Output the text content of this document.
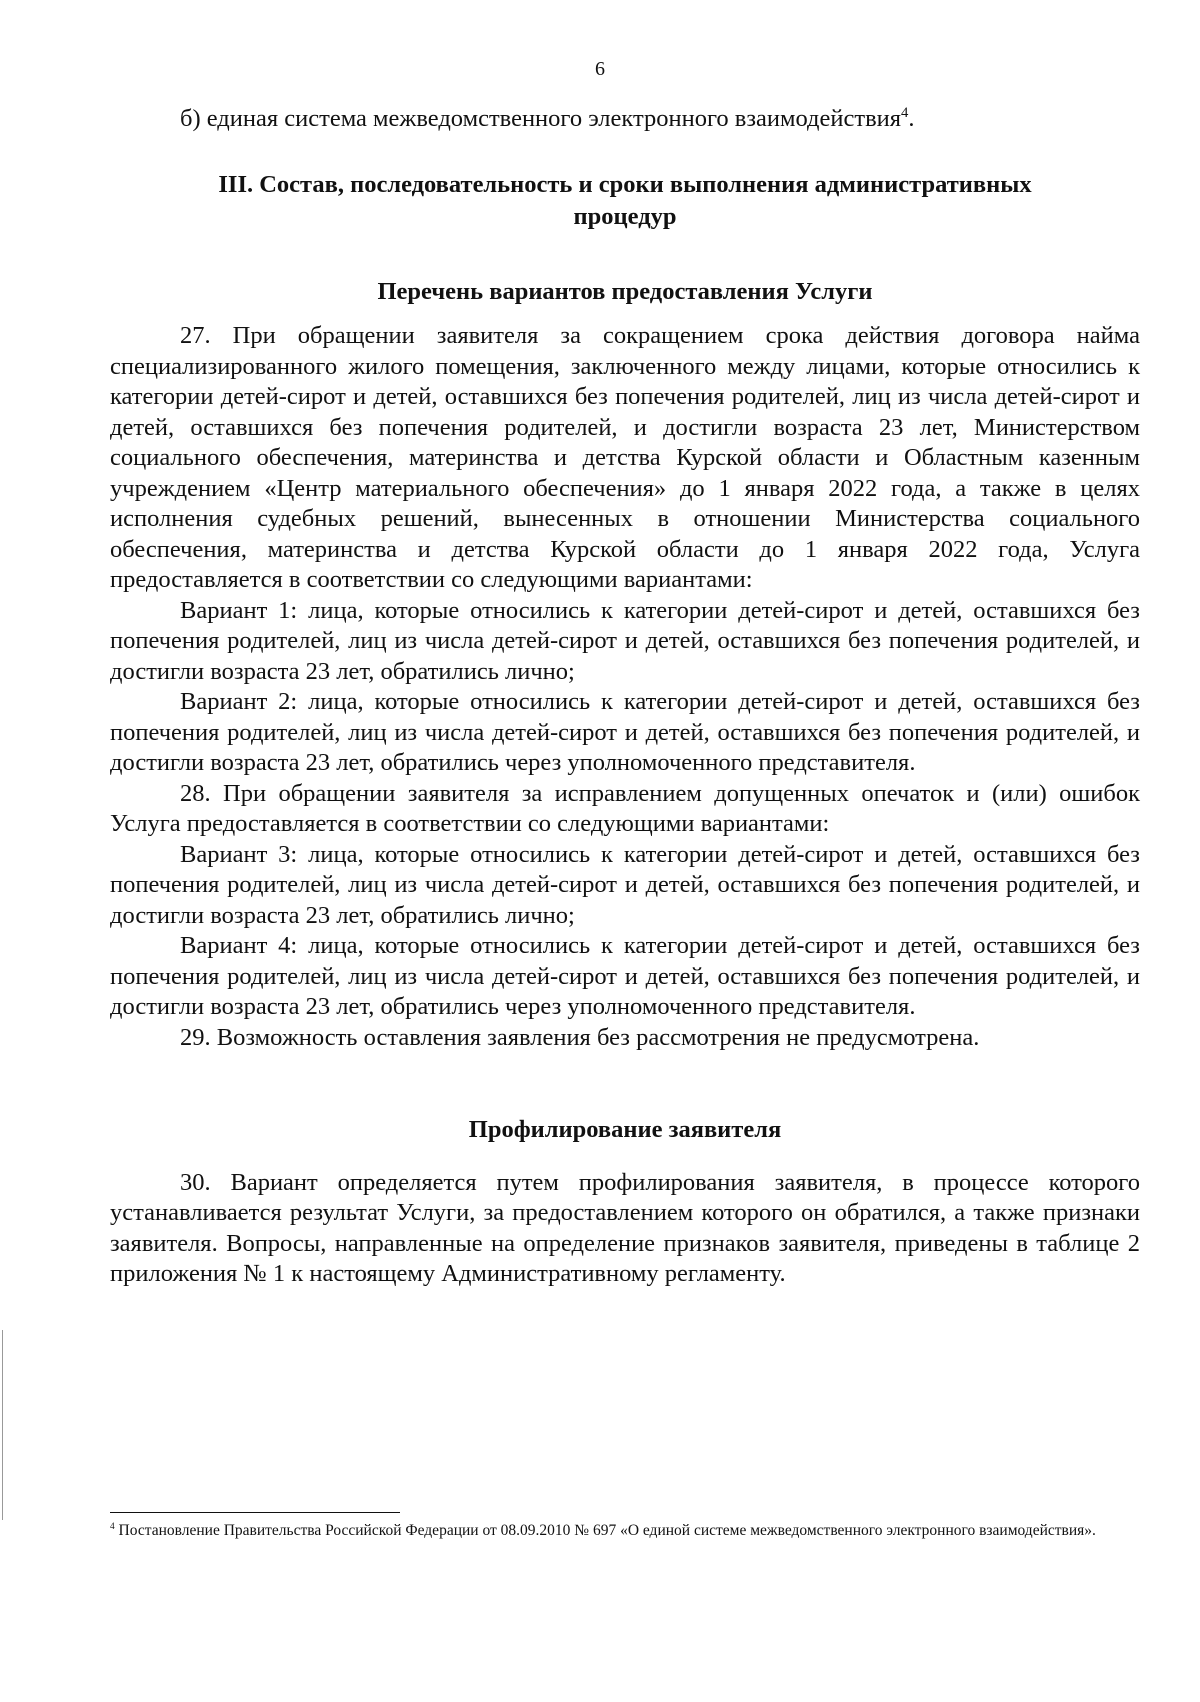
6

б) единая система межведомственного электронного взаимодействия$^4$.

III. Состав, последовательность и сроки выполнения административных
процедур
Перечень вариантов предоставления Услуги

27. При обращении заявителя за сокращением срока действия договора найма специализированного жилого помещения, заключенного между лицами, которые относились к категории детей-сирот и детей, оставшихся без попечения родителей, лиц из числа детей-сирот и детей, оставшихся без попечения родителей, и достигли возраста 23 лет, Министерством социального обеспечения, материнства и детства Курской области и Областным казенным учреждением «Центр материального обеспечения» до 1 января 2022 года, а также в целях исполнения судебных решений, вынесенных в отношении Министерства социального обеспечения, материнства и детства Курской области до 1 января 2022 года, Услуга предоставляется в соответствии со следующими вариантами:

Вариант 1: лица, которые относились к категории детей-сирот и детей, оставшихся без попечения родителей, лиц из числа детей-сирот и детей, оставшихся без попечения родителей, и достигли возраста 23 лет, обратились лично;

Вариант 2: лица, которые относились к категории детей-сирот и детей, оставшихся без попечения родителей, лиц из числа детей-сирот и детей, оставшихся без попечения родителей, и достигли возраста 23 лет, обратились через уполномоченного представителя.

28. При обращении заявителя за исправлением допущенных опечаток и (или) ошибок Услуга предоставляется в соответствии со следующими вариантами:

Вариант 3: лица, которые относились к категории детей-сирот и детей, оставшихся без попечения родителей, лиц из числа детей-сирот и детей, оставшихся без попечения родителей, и достигли возраста 23 лет, обратились лично;

Вариант 4: лица, которые относились к категории детей-сирот и детей, оставшихся без попечения родителей, лиц из числа детей-сирот и детей, оставшихся без попечения родителей, и достигли возраста 23 лет, обратились через уполномоченного представителя.

29. Возможность оставления заявления без рассмотрения не предусмотрена.

Профилирование заявителя

30. Вариант определяется путем профилирования заявителя, в процессе которого устанавливается результат Услуги, за предоставлением которого он обратился, а также признаки заявителя. Вопросы, направленные на определение признаков заявителя, приведены в таблице 2 приложения № 1 к настоящему Административному регламенту.

$^4$ Постановление Правительства Российской Федерации от 08.09.2010 № 697 «О единой системе межведомственного электронного взаимодействия».
